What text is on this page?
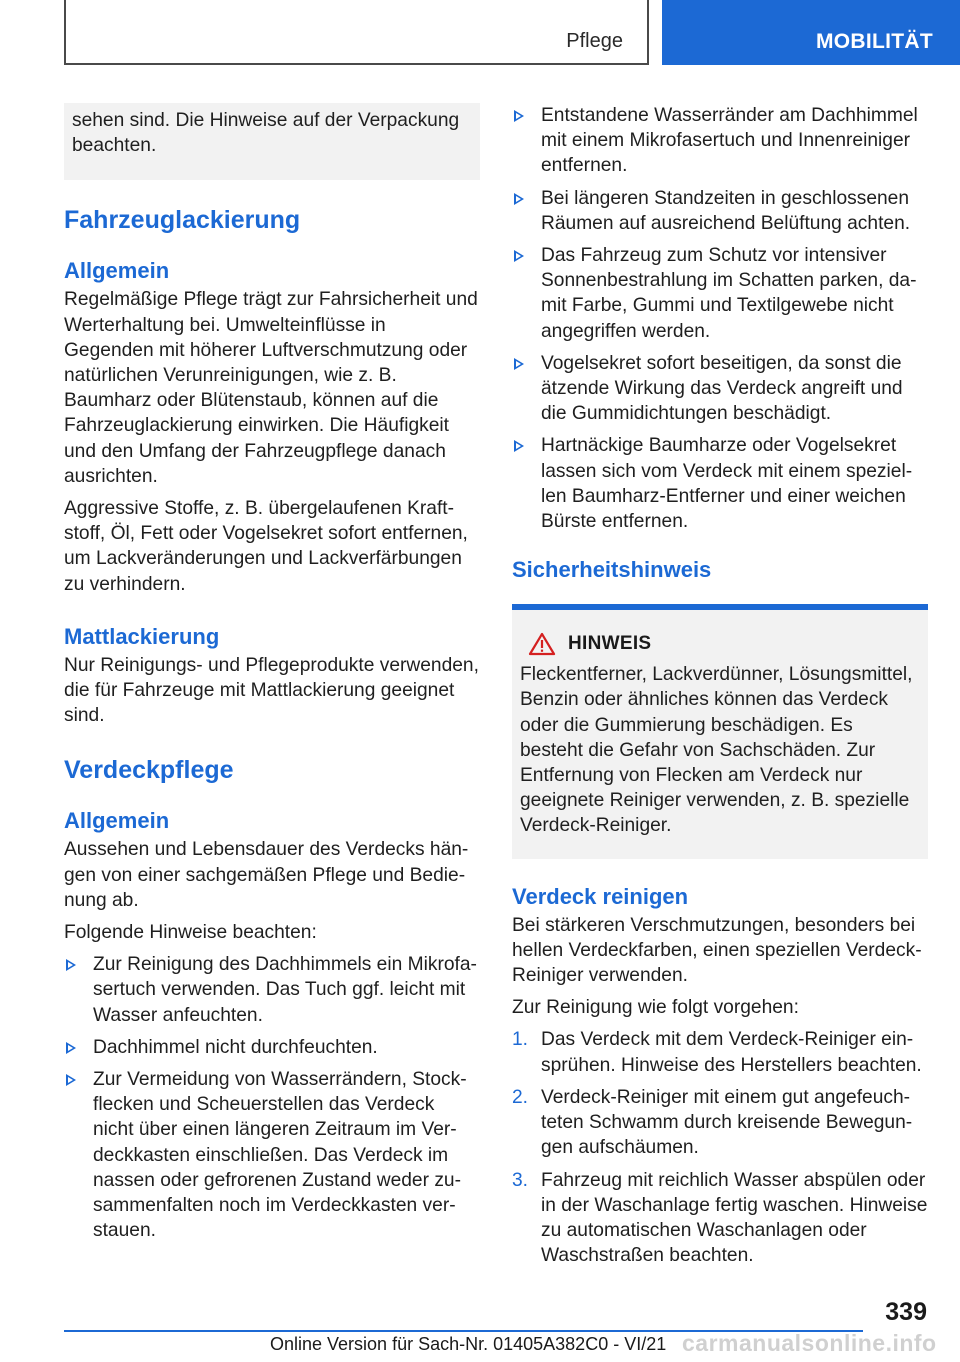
Pflege	MOBILITÄT

sehen sind. Die Hinweise auf der Verpackung beachten.

Fahrzeuglackierung
Allgemein

Regelmäßige Pflege trägt zur Fahrsicherheit und Werterhaltung bei. Umwelteinflüsse in Gegenden mit höherer Luftverschmutzung oder natürlichen Verunreinigungen, wie z. B. Baumharz oder Blütenstaub, können auf die Fahrzeuglackierung einwirken. Die Häufigkeit und den Umfang der Fahrzeugpflege danach ausrichten.

Aggressive Stoffe, z. B. übergelaufenen Kraftstoff, Öl, Fett oder Vogelsekret sofort entfernen, um Lackveränderungen und Lackverfärbungen zu verhindern.

Mattlackierung

Nur Reinigungs- und Pflegeprodukte verwenden, die für Fahrzeuge mit Mattlackierung geeignet sind.

Verdeckpflege
Allgemein

Aussehen und Lebensdauer des Verdecks hängen von einer sachgemäßen Pflege und Bedienung ab.

Folgende Hinweise beachten:

Zur Reinigung des Dachhimmels ein Mikrofasertuch verwenden. Das Tuch ggf. leicht mit Wasser anfeuchten.
Dachhimmel nicht durchfeuchten.
Zur Vermeidung von Wasserrändern, Stockflecken und Scheuerstellen das Verdeck nicht über einen längeren Zeitraum im Verdeckkasten einschließen. Das Verdeck im nassen oder gefrorenen Zustand weder zusammenfalten noch im Verdeckkasten verstauen.
Entstandene Wasserränder am Dachhimmel mit einem Mikrofasertuch und Innenreiniger entfernen.
Bei längeren Standzeiten in geschlossenen Räumen auf ausreichend Belüftung achten.
Das Fahrzeug zum Schutz vor intensiver Sonnenbestrahlung im Schatten parken, damit Farbe, Gummi und Textilgewebe nicht angegriffen werden.
Vogelsekret sofort beseitigen, da sonst die ätzende Wirkung das Verdeck angreift und die Gummidichtungen beschädigt.
Hartnäckige Baumharze oder Vogelsekret lassen sich vom Verdeck mit einem speziellen Baumharz-Entferner und einer weichen Bürste entfernen.
Sicherheitshinweis
HINWEIS

Fleckentferner, Lackverdünner, Lösungsmittel, Benzin oder ähnliches können das Verdeck oder die Gummierung beschädigen. Es besteht die Gefahr von Sachschäden. Zur Entfernung von Flecken am Verdeck nur geeignete Reiniger verwenden, z. B. spezielle Verdeck-Reiniger.

Verdeck reinigen

Bei stärkeren Verschmutzungen, besonders bei hellen Verdeckfarben, einen speziellen Verdeck-Reiniger verwenden.

Zur Reinigung wie folgt vorgehen:

1. Das Verdeck mit dem Verdeck-Reiniger einsprühen. Hinweise des Herstellers beachten.
2. Verdeck-Reiniger mit einem gut angefeuchteten Schwamm durch kreisende Bewegungen aufschäumen.
3. Fahrzeug mit reichlich Wasser abspülen oder in der Waschanlage fertig waschen. Hinweise zu automatischen Waschanlagen oder Waschstraßen beachten.
339
Online Version für Sach-Nr. 01405A382C0 - VI/21 carmanualsonline.info
